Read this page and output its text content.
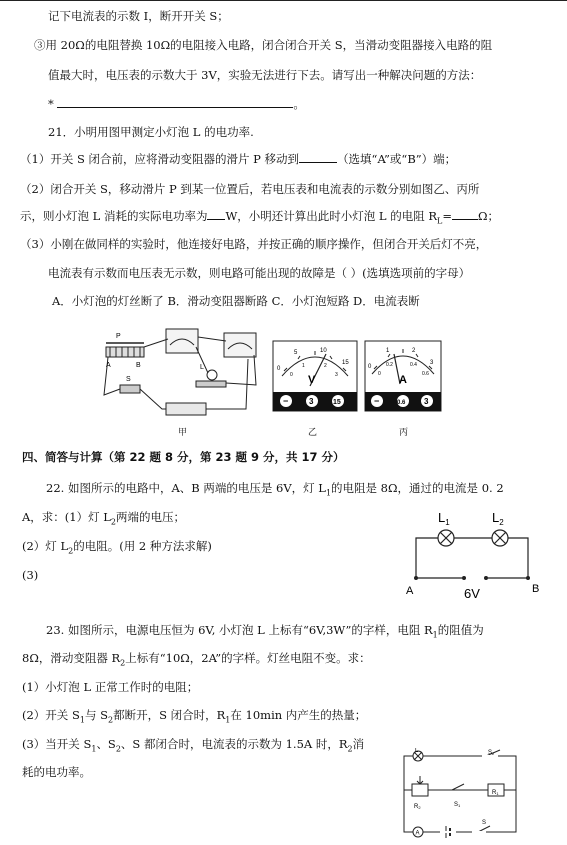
记下电流表的示数 I，断开开关 S；
③用 20Ω的电阻替换 10Ω的电阻接入电路，闭合闭合开关 S，当滑动变阻器接入电路的阻
值最大时，电压表的示数大于 3V，实验无法进行下去。请写出一种解决问题的方法：
*	。
21．小明用图甲测定小灯泡 L 的电功率.
（1）开关 S 闭合前，应将滑动变阻器的滑片 P 移动到	（选填“A”或“B”）端；
（2）闭合开关 S，移动滑片 P 到某一位置后，若电压表和电流表的示数分别如图乙、丙所
示，则小灯泡 L 消耗的实际电功率为 W，小明还计算出此时小灯泡 L 的电阻 $R_L= \Omega$；
（3）小刚在做同样的实验时，他连接好电路，并按正确的顺序操作，但闭合开关后灯不亮，
电流表有示数而电压表无示数，则电路可能出现的故障是（ ）(选填选项前的字母）
A．小灯泡的灯丝断了 B．滑动变阻器断路 C．小灯泡短路 D．电流表断
P
A	B
S
L	0
5	10
15
0
1	2
3
V
−	3	15
0
1	2
3
0
0.2	0.4
0.6
A
−	0.6 3
甲	乙	丙
四、简答与计算（第 22 题 8 分，第 23 题 9 分，共 17 分）
22. 如图所示的电路中，A、B 两端的电压是 6V，灯 $L_1$的电阻是 8Ω，通过的电流是 0. 2
A，求：(1）灯 $L_2$两端的电压；
(2）灯 $L_2$的电阻。(用 2 种方法求解)
(3)
$L_1$	$L_2$
A	B
6V
23. 如图所示，电源电压恒为 6V, 小灯泡 L 上标有“6V,3W”的字样，电阻 $R_1$的阻值为
8Ω，滑动变阻器 $R_2$上标有“10Ω，2A”的字样。灯丝电阻不变。求：
(1）小灯泡 L 正常工作时的电阻；
(2）开关 $S_1$与 $S_2$都断开，S 闭合时，$R_1$在 10min 内产生的热量；
(3）当开关 $S_1$、$S_2$、S 都闭合时，电流表的示数为 1.5A 时，$R_2$消
耗的电功率。
L	S2
R2	S1
R1
S
A
